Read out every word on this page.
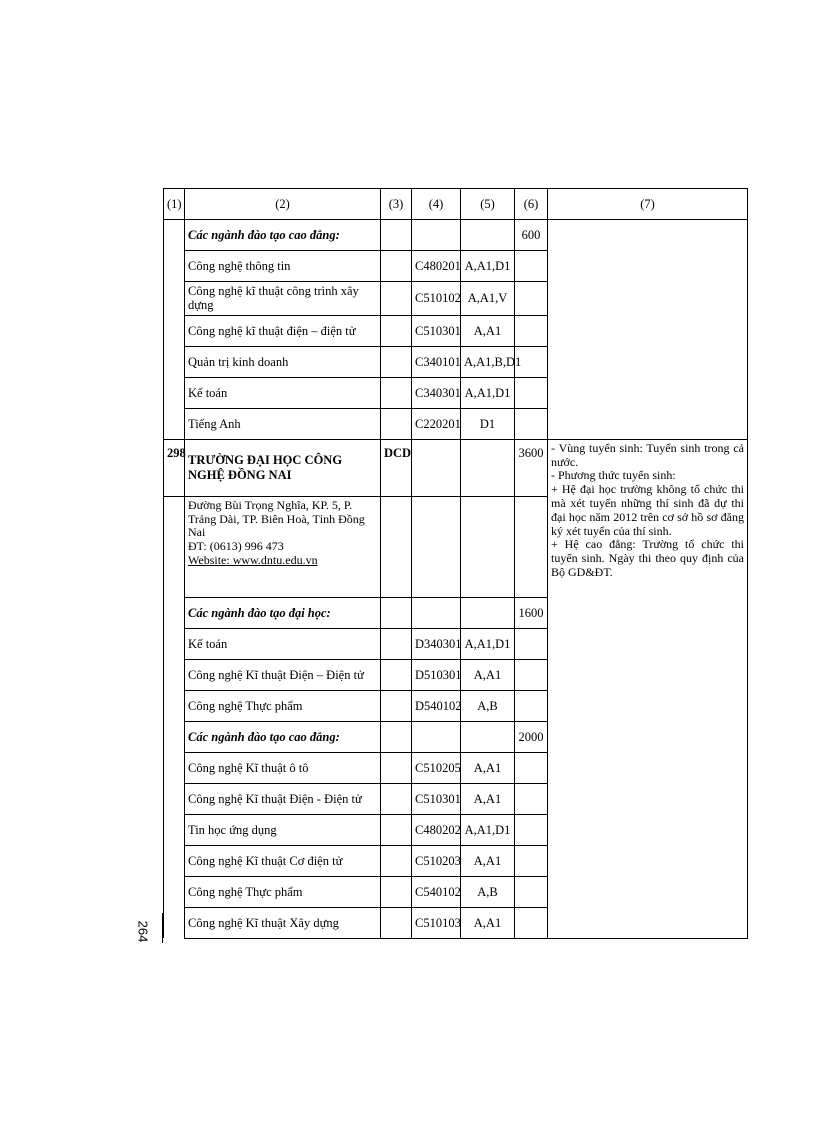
264
(1)	(2)	(3)	(4)	(5)	(6)	(7)
	Các ngành đào tạo cao đẳng:				600	
	Công nghệ thông tin		C480201	A,A1,D1		
	Công nghệ kĩ thuật công trình xây dựng		C510102	A,A1,V		
	Công nghệ kĩ thuật điện – điện tử		C510301	A,A1		
	Quản trị kinh doanh		C340101	A,A1,B,D1		
	Kế toán		C340301	A,A1,D1		
	Tiếng Anh		C220201	D1		
298	TRƯỜNG ĐẠI HỌC CÔNG NGHỆ ĐỒNG NAI	DCD			3600	- Vùng tuyển sinh: Tuyển sinh trong cả nước.
- Phương thức tuyển sinh:
+ Hệ đại học trường không tổ chức thi mà xét tuyển những thí sinh đã dự thi đại học năm 2012 trên cơ sở hồ sơ đăng ký xét tuyển của thí sinh.
+ Hệ cao đẳng: Trường tổ chức thi tuyển sinh. Ngày thi theo quy định của Bộ GD&ĐT.

	Đường Bùi Trọng Nghĩa, KP. 5, P. Trảng Dài, TP. Biên Hoà, Tỉnh Đồng Nai
ĐT: (0613) 996 473
Website: www.dntu.edu.vn					

	Các ngành đào tạo đại học:				1600	
	Kế toán		D340301	A,A1,D1		
	Công nghệ Kĩ thuật Điện – Điện tử		D510301	A,A1		
	Công nghệ Thực phẩm		D540102	A,B		
	Các ngành đào tạo cao đẳng:				2000	
	Công nghệ Kĩ thuật ô tô		C510205	A,A1		
	Công nghệ Kĩ thuật Điện - Điện tử		C510301	A,A1		
	Tin học ứng dụng		C480202	A,A1,D1		
	Công nghệ Kĩ thuật Cơ điện tử		C510203	A,A1		
	Công nghệ Thực phẩm		C540102	A,B		
	Công nghệ Kĩ thuật Xây dựng		C510103	A,A1		
